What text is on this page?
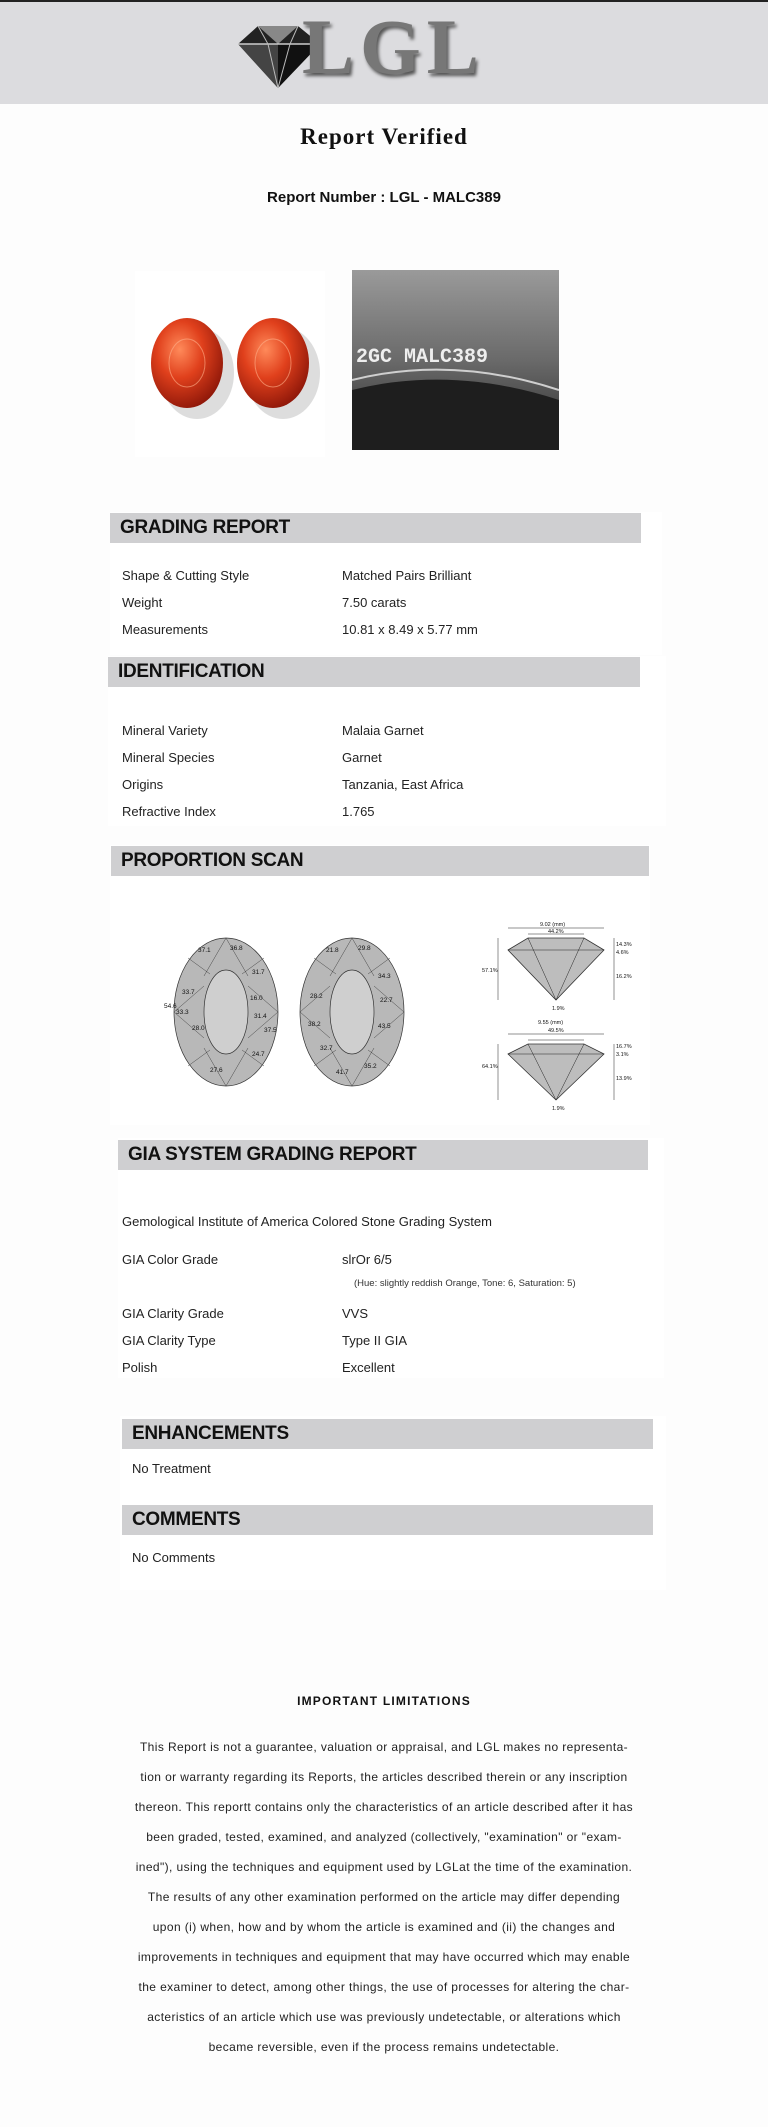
LGL
Report Verified
Report Number : LGL - MALC389
2GC MALC389
GRADING REPORT
Shape & Cutting Style	Matched Pairs Brilliant
Weight	7.50 carats
Measurements	10.81 x 8.49 x 5.77 mm
IDENTIFICATION
Mineral Variety	Malaia Garnet
Mineral Species	Garnet
Origins	Tanzania, East Africa
Refractive Index	1.765
PROPORTION SCAN
37.1	36.8
33.7
31.7
28.0
24.7
33.3
16.0
31.4
37.5
27.6
21.8	29.8
28.2
34.3
22.7
38.2
54.6
43.5
41.7
35.2
32.7
9.02 (mm)
44.2%
14.3%
4.6%
57.1%
16.2%
1.9%
9.55 (mm)
49.5%
16.7%
3.1%
64.1%
13.9%
1.9%
GIA SYSTEM GRADING REPORT
Gemological Institute of America Colored Stone Grading System
GIA Color Grade	slrOr 6/5
(Hue: slightly reddish Orange, Tone: 6, Saturation: 5)
GIA Clarity Grade	VVS
GIA Clarity Type	Type II GIA
Polish	Excellent
ENHANCEMENTS
No Treatment
COMMENTS
No Comments
IMPORTANT LIMITATIONS
This Report is not a guarantee, valuation or appraisal, and LGL makes no representa-
tion or warranty regarding its Reports, the articles described therein or any inscription
thereon. This reportt contains only the characteristics of an article described after it has
been graded, tested, examined, and analyzed (collectively, "examination" or "exam-
ined"), using the techniques and equipment used by LGLat the time of the examination.
The results of any other examination performed on the article may differ depending
upon (i) when, how and by whom the article is examined and (ii) the changes and
improvements in techniques and equipment that may have occurred which may enable
the examiner to detect, among other things, the use of processes for altering the char-
acteristics of an article which use was previously undetectable, or alterations which
became reversible, even if the process remains undetectable.
